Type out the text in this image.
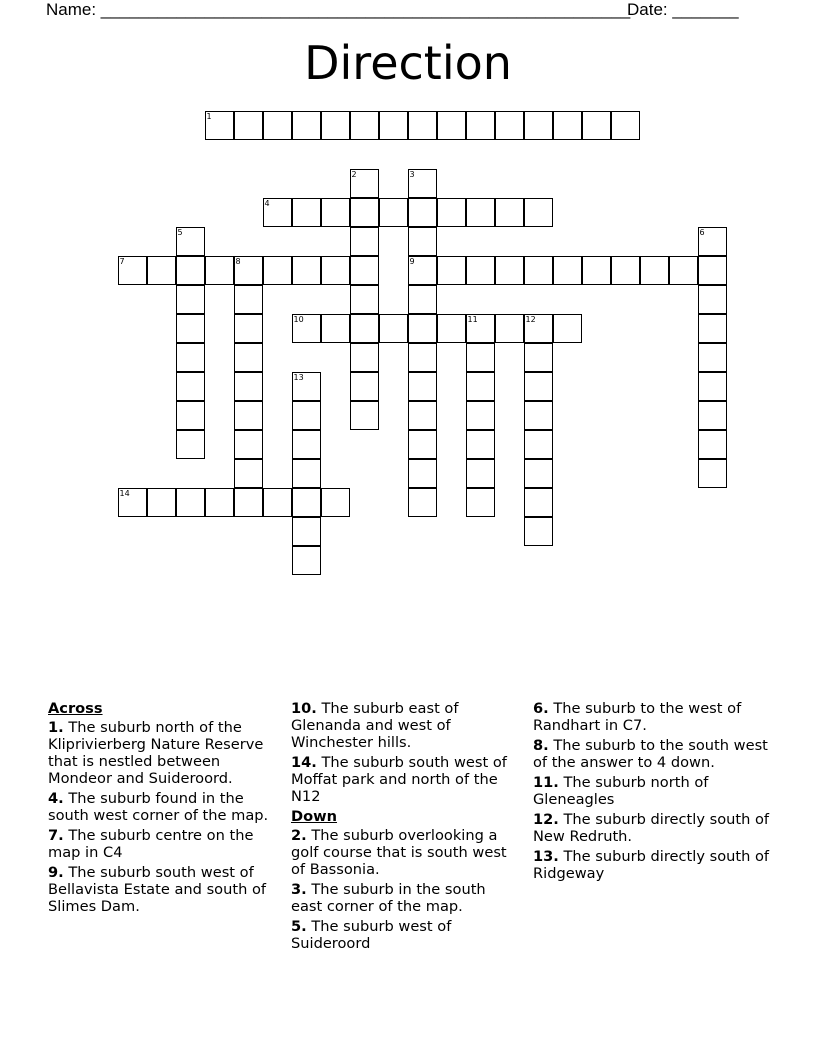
Name: ________________________________________________________
Date: _______
Direction
1
2	3
9
4
5	6
7	8
10	11	12
13
14
Across
1. The suburb north of the Kliprivierberg Nature Reserve that is nestled between Mondeor and Suideroord.
4. The suburb found in the south west corner of the map.
7. The suburb centre on the map in C4
9. The suburb south west of Bellavista Estate and south of Slimes Dam.
10. The suburb east of Glenanda and west of Winchester hills.
14. The suburb south west of Moffat park and north of the N12
Down
2. The suburb overlooking a golf course that is south west of Bassonia.
3. The suburb in the south east corner of the map.
5. The suburb west of Suideroord
6. The suburb to the west of Randhart in C7.
8. The suburb to the south west of the answer to 4 down.
11. The suburb north of Gleneagles
12. The suburb directly south of New Redruth.
13. The suburb directly south of Ridgeway
